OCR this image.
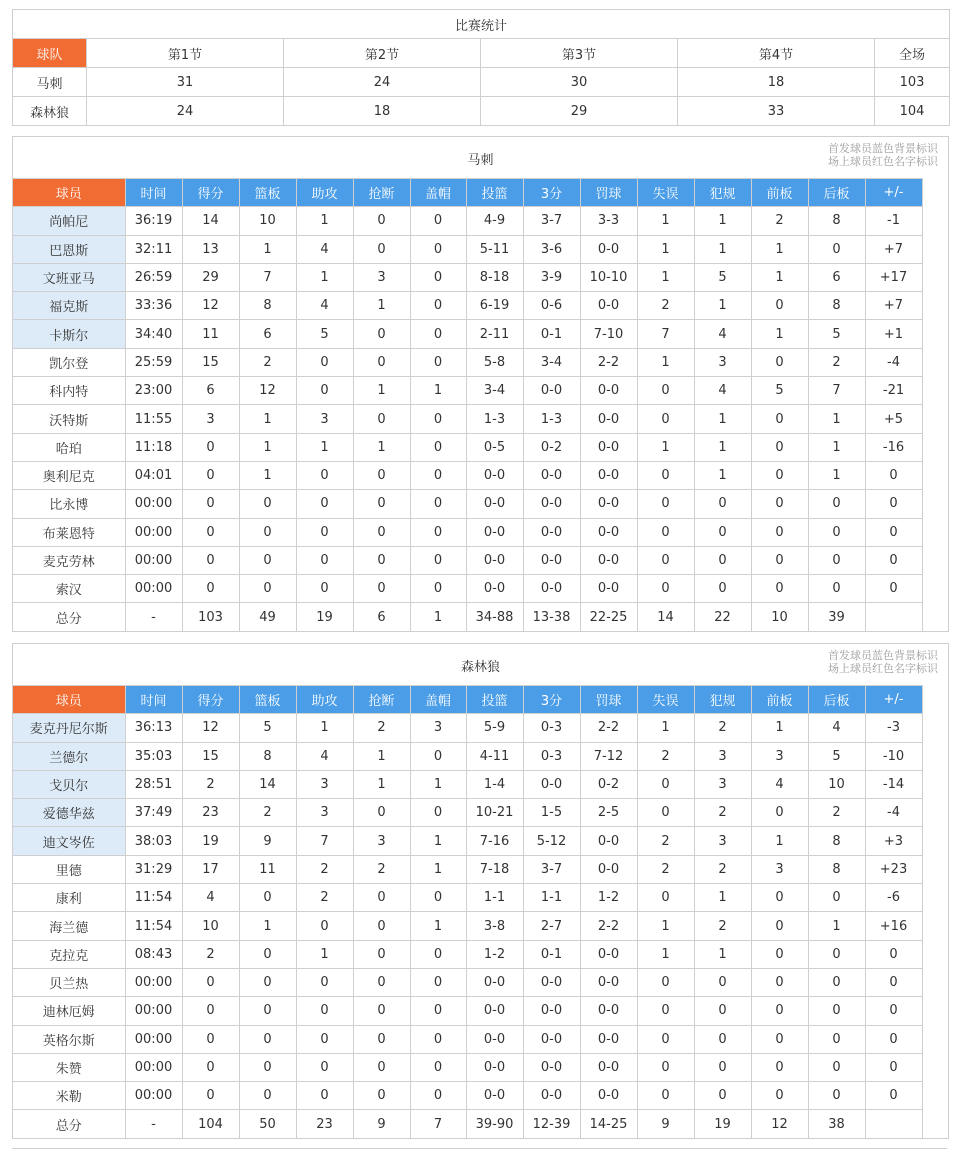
比赛统计					
球队	第1节	第2节	第3节	第4节	全场
马刺	31	24	30	18	103
森林狼	24	18	29	33	104
马刺
首发球员蓝色背景标识
场上球员红色名字标识
球员	时间	得分	篮板	助攻	抢断	盖帽	投篮	3分	罚球	失误	犯规	前板	后板	+/-
尚帕尼	36:19	14	10	1	0	0	4-9	3-7	3-3	1	1	2	8	-1
巴恩斯	32:11	13	1	4	0	0	5-11	3-6	0-0	1	1	1	0	+7
文班亚马	26:59	29	7	1	3	0	8-18	3-9	10-10	1	5	1	6	+17
福克斯	33:36	12	8	4	1	0	6-19	0-6	0-0	2	1	0	8	+7
卡斯尔	34:40	11	6	5	0	0	2-11	0-1	7-10	7	4	1	5	+1
凯尔登	25:59	15	2	0	0	0	5-8	3-4	2-2	1	3	0	2	-4
科内特	23:00	6	12	0	1	1	3-4	0-0	0-0	0	4	5	7	-21
沃特斯	11:55	3	1	3	0	0	1-3	1-3	0-0	0	1	0	1	+5
哈珀	11:18	0	1	1	1	0	0-5	0-2	0-0	1	1	0	1	-16
奥利尼克	04:01	0	1	0	0	0	0-0	0-0	0-0	0	1	0	1	0
比永博	00:00	0	0	0	0	0	0-0	0-0	0-0	0	0	0	0	0
布莱恩特	00:00	0	0	0	0	0	0-0	0-0	0-0	0	0	0	0	0
麦克劳林	00:00	0	0	0	0	0	0-0	0-0	0-0	0	0	0	0	0
索汉	00:00	0	0	0	0	0	0-0	0-0	0-0	0	0	0	0	0
总分	-	103	49	19	6	1	34-88	13-38	22-25	14	22	10	39	
森林狼
首发球员蓝色背景标识
场上球员红色名字标识
球员	时间	得分	篮板	助攻	抢断	盖帽	投篮	3分	罚球	失误	犯规	前板	后板	+/-
麦克丹尼尔斯	36:13	12	5	1	2	3	5-9	0-3	2-2	1	2	1	4	-3
兰德尔	35:03	15	8	4	1	0	4-11	0-3	7-12	2	3	3	5	-10
戈贝尔	28:51	2	14	3	1	1	1-4	0-0	0-2	0	3	4	10	-14
爱德华兹	37:49	23	2	3	0	0	10-21	1-5	2-5	0	2	0	2	-4
迪文岑佐	38:03	19	9	7	3	1	7-16	5-12	0-0	2	3	1	8	+3
里德	31:29	17	11	2	2	1	7-18	3-7	0-0	2	2	3	8	+23
康利	11:54	4	0	2	0	0	1-1	1-1	1-2	0	1	0	0	-6
海兰德	11:54	10	1	0	0	1	3-8	2-7	2-2	1	2	0	1	+16
克拉克	08:43	2	0	1	0	0	1-2	0-1	0-0	1	1	0	0	0
贝兰热	00:00	0	0	0	0	0	0-0	0-0	0-0	0	0	0	0	0
迪林厄姆	00:00	0	0	0	0	0	0-0	0-0	0-0	0	0	0	0	0
英格尔斯	00:00	0	0	0	0	0	0-0	0-0	0-0	0	0	0	0	0
朱赞	00:00	0	0	0	0	0	0-0	0-0	0-0	0	0	0	0	0
米勒	00:00	0	0	0	0	0	0-0	0-0	0-0	0	0	0	0	0
总分	-	104	50	23	9	7	39-90	12-39	14-25	9	19	12	38	
